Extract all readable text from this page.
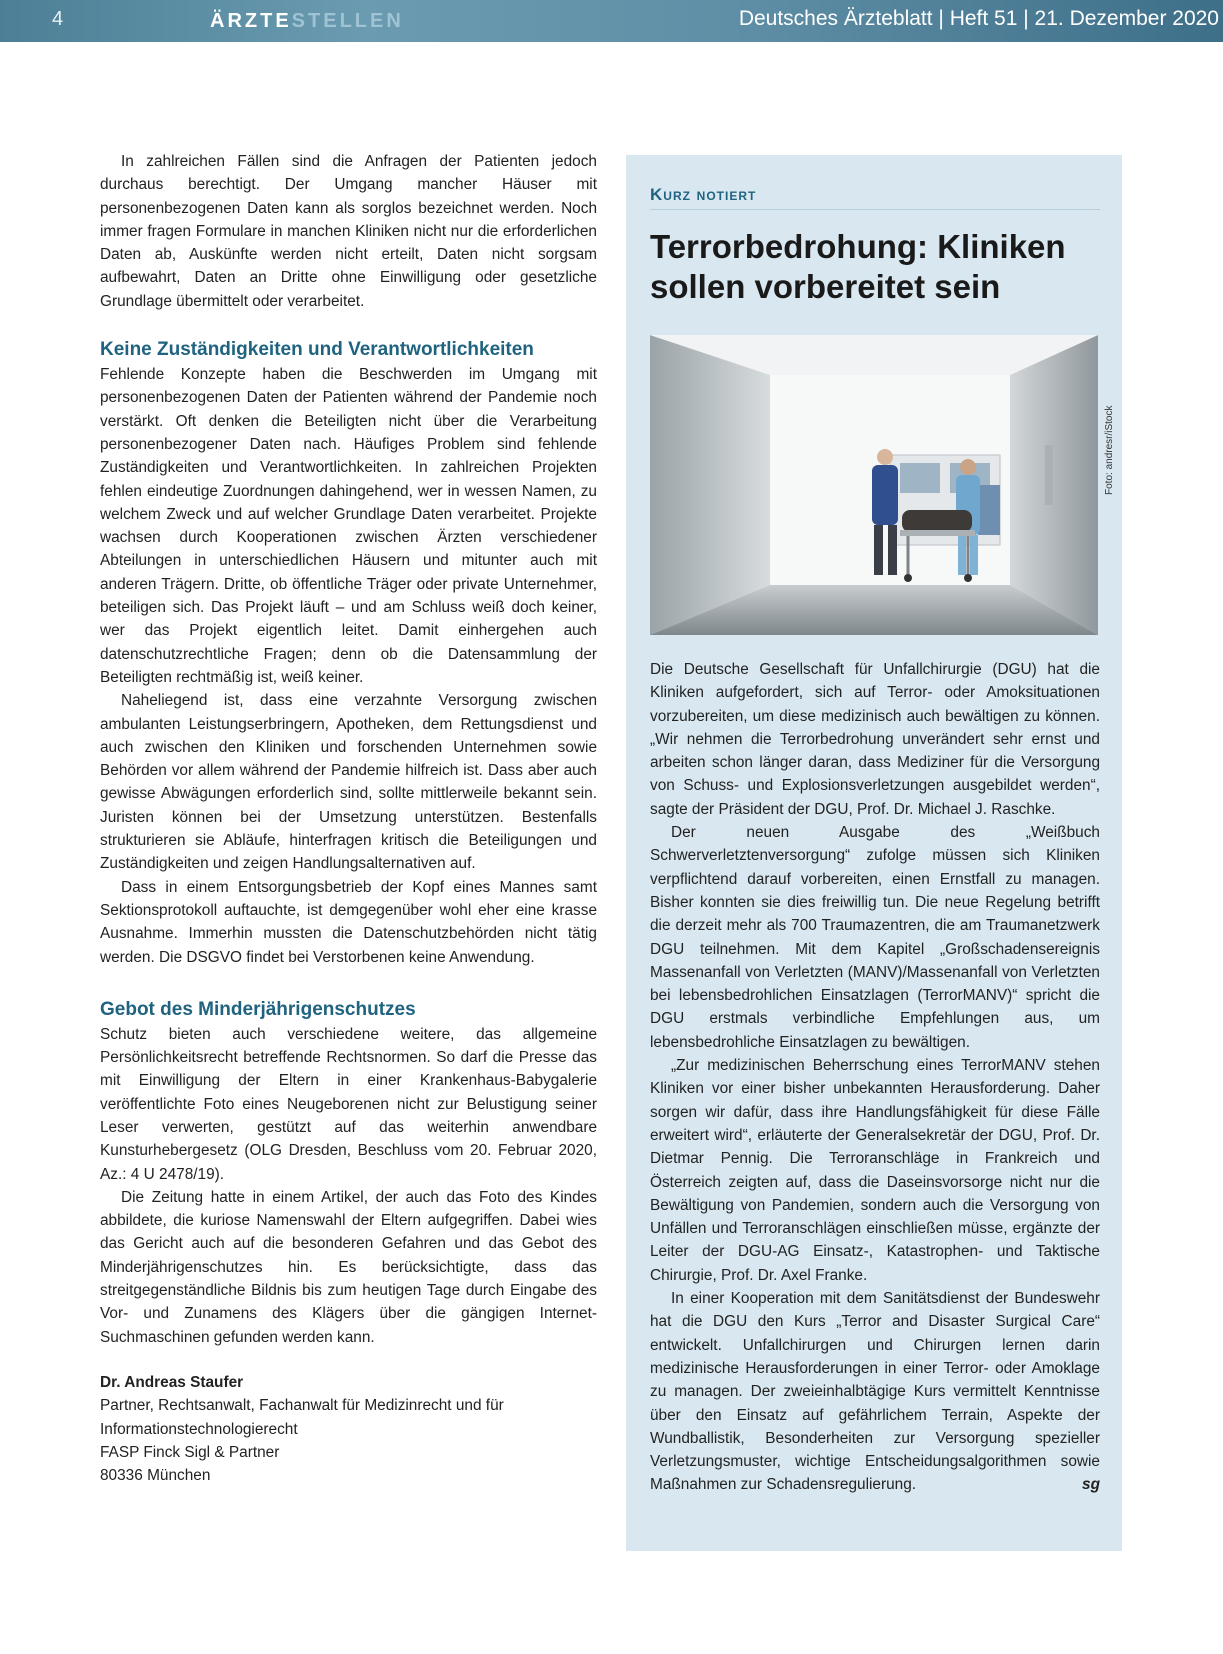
4	ÄRZTESTELLEN	Deutsches Ärzteblatt | Heft 51 | 21. Dezember 2020

In zahlreichen Fällen sind die Anfragen der Patienten jedoch durchaus berechtigt. Der Umgang mancher Häuser mit personenbezogenen Daten kann als sorglos bezeichnet werden. Noch immer fragen Formulare in manchen Kliniken nicht nur die erforderlichen Daten ab, Auskünfte werden nicht erteilt, Daten nicht sorgsam aufbewahrt, Daten an Dritte ohne Einwilligung oder gesetzliche Grundlage übermittelt oder verarbeitet.

Keine Zuständigkeiten und Verantwortlichkeiten

Fehlende Konzepte haben die Beschwerden im Umgang mit personenbezogenen Daten der Patienten während der Pandemie noch verstärkt. Oft denken die Beteiligten nicht über die Verarbeitung personenbezogener Daten nach. Häufiges Problem sind fehlende Zuständigkeiten und Verantwortlichkeiten. In zahlreichen Projekten fehlen eindeutige Zuordnungen dahingehend, wer in wessen Namen, zu welchem Zweck und auf welcher Grundlage Daten verarbeitet. Projekte wachsen durch Kooperationen zwischen Ärzten verschiedener Abteilungen in unterschiedlichen Häusern und mitunter auch mit anderen Trägern. Dritte, ob öffentliche Träger oder private Unternehmer, beteiligen sich. Das Projekt läuft – und am Schluss weiß doch keiner, wer das Projekt eigentlich leitet. Damit einhergehen auch datenschutzrechtliche Fragen; denn ob die Datensammlung der Beteiligten rechtmäßig ist, weiß keiner.

Naheliegend ist, dass eine verzahnte Versorgung zwischen ambulanten Leistungserbringern, Apotheken, dem Rettungsdienst und auch zwischen den Kliniken und forschenden Unternehmen sowie Behörden vor allem während der Pandemie hilfreich ist. Dass aber auch gewisse Abwägungen erforderlich sind, sollte mittlerweile bekannt sein. Juristen können bei der Umsetzung unterstützen. Bestenfalls strukturieren sie Abläufe, hinterfragen kritisch die Beteiligungen und Zuständigkeiten und zeigen Handlungsalternativen auf.

Dass in einem Entsorgungsbetrieb der Kopf eines Mannes samt Sektionsprotokoll auftauchte, ist demgegenüber wohl eher eine krasse Ausnahme. Immerhin mussten die Datenschutzbehörden nicht tätig werden. Die DSGVO findet bei Verstorbenen keine Anwendung.

Gebot des Minderjährigenschutzes

Schutz bieten auch verschiedene weitere, das allgemeine Persönlichkeitsrecht betreffende Rechtsnormen. So darf die Presse das mit Einwilligung der Eltern in einer Krankenhaus-Babygalerie veröffentlichte Foto eines Neugeborenen nicht zur Belustigung seiner Leser verwerten, gestützt auf das weiterhin anwendbare Kunsturhebergesetz (OLG Dresden, Beschluss vom 20. Februar 2020, Az.: 4 U 2478/19).

Die Zeitung hatte in einem Artikel, der auch das Foto des Kindes abbildete, die kuriose Namenswahl der Eltern aufgegriffen. Dabei wies das Gericht auch auf die besonderen Gefahren und das Gebot des Minderjährigenschutzes hin. Es berücksichtigte, dass das streitgegenständliche Bildnis bis zum heutigen Tage durch Eingabe des Vor- und Zunamens des Klägers über die gängigen Internet-Suchmaschinen gefunden werden kann.

Dr. Andreas Staufer
Partner, Rechtsanwalt, Fachanwalt für Medizinrecht und für
Informationstechnologierecht
FASP Finck Sigl & Partner
80336 München
Kurz notiert
Terrorbedrohung: Kliniken sollen vorbereitet sein
Foto: andresr/iStock

Die Deutsche Gesellschaft für Unfallchirurgie (DGU) hat die Kliniken aufgefordert, sich auf Terror- oder Amoksituationen vorzubereiten, um diese medizinisch auch bewältigen zu können. „Wir nehmen die Terrorbedrohung unverändert sehr ernst und arbeiten schon länger daran, dass Mediziner für die Versorgung von Schuss- und Explosionsverletzungen ausgebildet werden“, sagte der Präsident der DGU, Prof. Dr. Michael J. Raschke.

Der neuen Ausgabe des „Weißbuch Schwerverletztenversorgung“ zufolge müssen sich Kliniken verpflichtend darauf vorbereiten, einen Ernstfall zu managen. Bisher konnten sie dies freiwillig tun. Die neue Regelung betrifft die derzeit mehr als 700 Traumazentren, die am Traumanetzwerk DGU teilnehmen. Mit dem Kapitel „Großschadensereignis Massenanfall von Verletzten (MANV)/Massenanfall von Verletzten bei lebensbedrohlichen Einsatzlagen (TerrorMANV)“ spricht die DGU erstmals verbindliche Empfehlungen aus, um lebensbedrohliche Einsatzlagen zu bewältigen.

„Zur medizinischen Beherrschung eines TerrorMANV stehen Kliniken vor einer bisher unbekannten Herausforderung. Daher sorgen wir dafür, dass ihre Handlungsfähigkeit für diese Fälle erweitert wird“, erläuterte der Generalsekretär der DGU, Prof. Dr. Dietmar Pennig. Die Terroranschläge in Frankreich und Österreich zeigten auf, dass die Daseinsvorsorge nicht nur die Bewältigung von Pandemien, sondern auch die Versorgung von Unfällen und Terroranschlägen einschließen müsse, ergänzte der Leiter der DGU-AG Einsatz-, Katastrophen- und Taktische Chirurgie, Prof. Dr. Axel Franke.

In einer Kooperation mit dem Sanitätsdienst der Bundeswehr hat die DGU den Kurs „Terror and Disaster Surgical Care“ entwickelt. Unfallchirurgen und Chirurgen lernen darin medizinische Herausforderungen in einer Terror- oder Amoklage zu managen. Der zweieinhalbtägige Kurs vermittelt Kenntnisse über den Einsatz auf gefährlichem Terrain, Aspekte der Wundballistik, Besonderheiten zur Versorgung spezieller Verletzungsmuster, wichtige Entscheidungsalgorithmen sowie Maßnahmen zur Schadensregulierung.	sg
